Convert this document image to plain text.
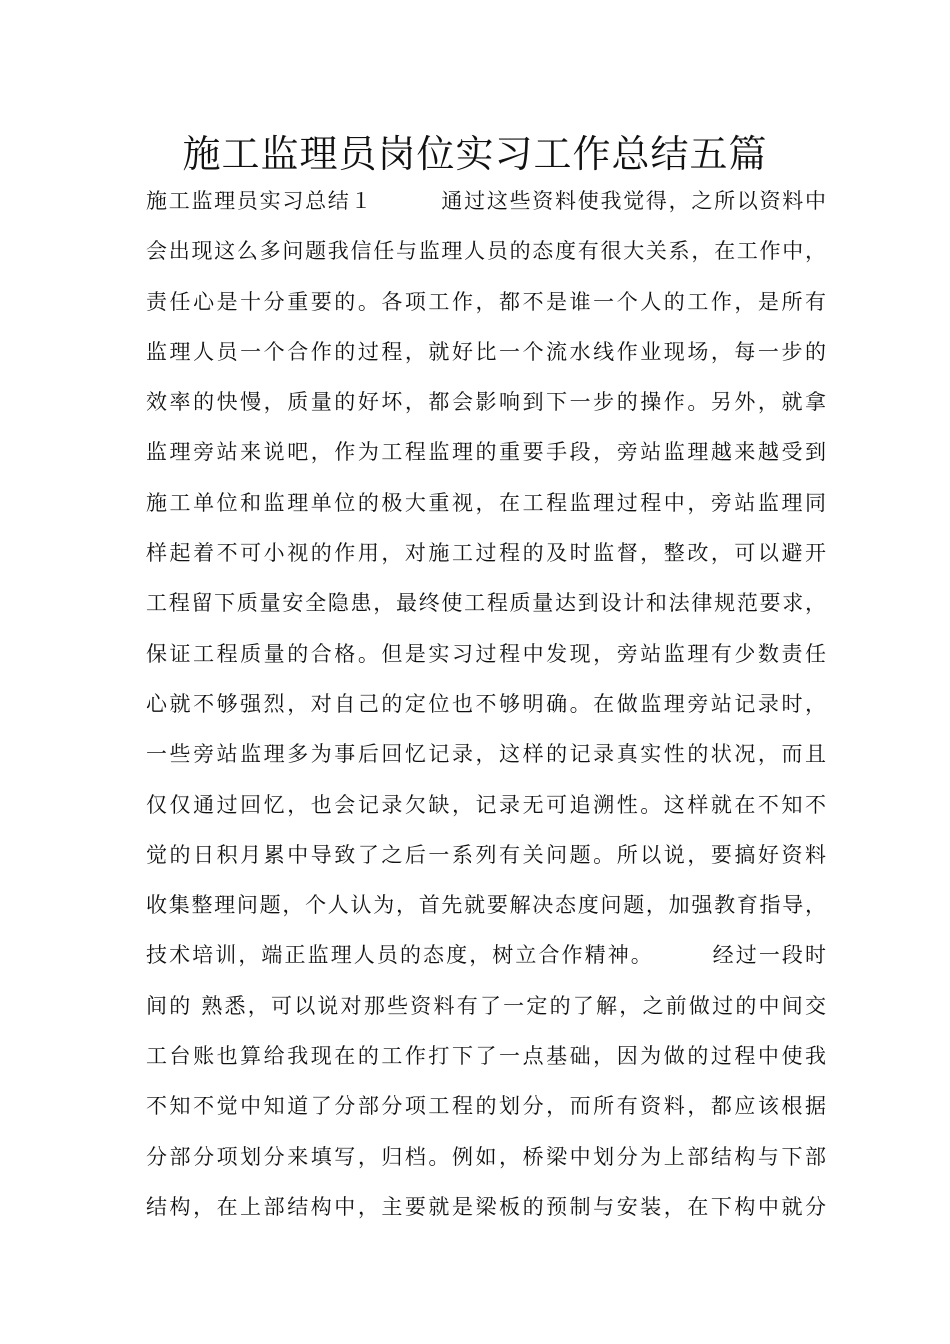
施工监理员岗位实习工作总结五篇
施工监理员实习总结１　　　通过这些资料使我觉得，之所以资料中
会出现这么多问题我信任与监理人员的态度有很大关系，在工作中，
责任心是十分重要的。各项工作，都不是谁一个人的工作，是所有
监理人员一个合作的过程，就好比一个流水线作业现场，每一步的
效率的快慢，质量的好坏，都会影响到下一步的操作。另外，就拿
监理旁站来说吧，作为工程监理的重要手段，旁站监理越来越受到
施工单位和监理单位的极大重视，在工程监理过程中，旁站监理同
样起着不可小视的作用，对施工过程的及时监督，整改，可以避开
工程留下质量安全隐患，最终使工程质量达到设计和法律规范要求，
保证工程质量的合格。但是实习过程中发现，旁站监理有少数责任
心就不够强烈，对自己的定位也不够明确。在做监理旁站记录时，
一些旁站监理多为事后回忆记录，这样的记录真实性的状况，而且
仅仅通过回忆，也会记录欠缺，记录无可追溯性。这样就在不知不
觉的日积月累中导致了之后一系列有关问题。所以说，要搞好资料
收集整理问题，个人认为，首先就要解决态度问题，加强教育指导，
技术培训，端正监理人员的态度，树立合作精神。　　　经过一段时
间的 熟悉，可以说对那些资料有了一定的了解，之前做过的中间交
工台账也算给我现在的工作打下了一点基础，因为做的过程中使我
不知不觉中知道了分部分项工程的划分，而所有资料，都应该根据
分部分项划分来填写，归档。例如，桥梁中划分为上部结构与下部
结构，在上部结构中，主要就是梁板的预制与安装，在下构中就分
